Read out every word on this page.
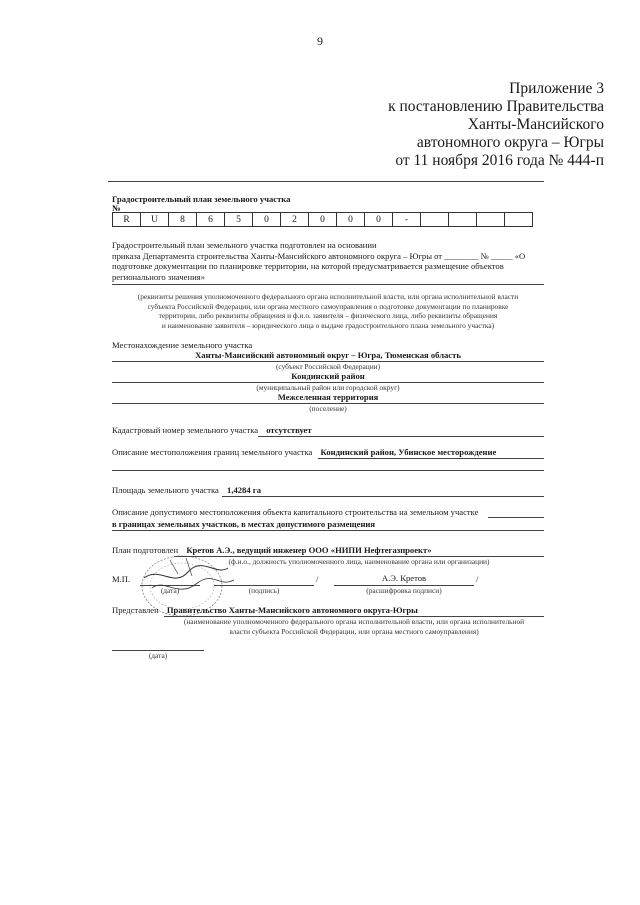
9
Приложение 3
к постановлению Правительства
Ханты-Мансийского
автономного округа – Югры
от 11 ноября 2016 года № 444-п
Градостроительный план земельного участка
№
R	U	8	6	5	0	2	0	0	0	-				
Градостроительный план земельного участка подготовлен на основании
приказа Департамента строительства Ханты-Мансийского автономного округа – Югры от ________ № _____ «О
подготовке документации по планировке территории, на которой предусматривается размещение объектов
регионального значения»
(реквизиты решения уполномоченного федерального органа исполнительной власти, или органа исполнительной власти
субъекта Российской Федерации, или органа местного самоуправления о подготовке документации по планировке
территории, либо реквизиты обращения и ф.и.о. заявителя – физического лица, либо реквизиты обращения
и наименование заявителя – юридического лица о выдаче градостроительного плана земельного участка)
Местонахождение земельного участка
Ханты-Мансийский автономный округ – Югра, Тюменская область
(субъект Российской Федерации)
Кондинский район
(муниципальный район или городской округ)
Межселенная территория
(поселение)
Кадастровый номер земельного участка отсутствует
Описание местоположения границ земельного участка Кондинский район, Убинское месторождение
Площадь земельного участка 1,4284 га
Описание допустимого местоположения объекта капитального строительства на земельном участке
в границах земельных участков, в местах допустимого размещения
План подготовлен Кретов А.Э., ведущий инженер ООО «НИПИ Нефтегазпроект»
(ф.и.о., должность уполномоченного лица, наименование органа или организации)
М.П.
(дата)	(подпись)
/	А.Э. Кретов
(расшифровка подписи)
/
Представлен Правительство Ханты-Мансийского автономного округа-Югры
(наименование уполномоченного федерального органа исполнительной власти, или органа исполнительной
власти субъекта Российской Федерации, или органа местного самоуправления)
(дата)
